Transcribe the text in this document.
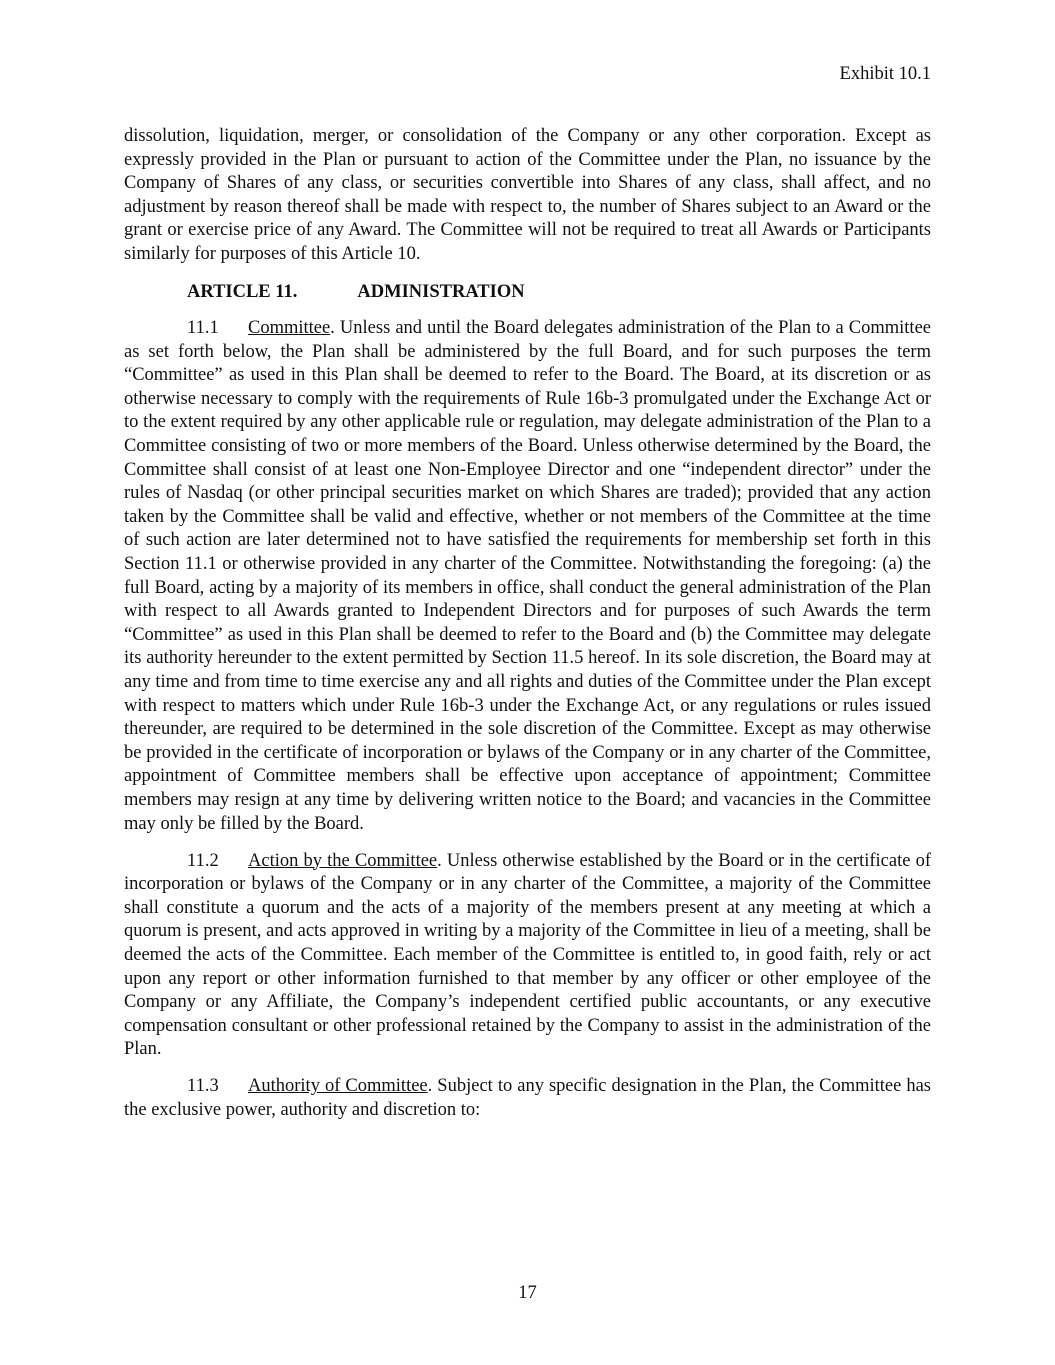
Exhibit 10.1

dissolution, liquidation, merger, or consolidation of the Company or any other corporation. Except as expressly provided in the Plan or pursuant to action of the Committee under the Plan, no issuance by the Company of Shares of any class, or securities convertible into Shares of any class, shall affect, and no adjustment by reason thereof shall be made with respect to, the number of Shares subject to an Award or the grant or exercise price of any Award. The Committee will not be required to treat all Awards or Participants similarly for purposes of this Article 10.

ARTICLE 11.	ADMINISTRATION

11.1 Committee. Unless and until the Board delegates administration of the Plan to a Committee as set forth below, the Plan shall be administered by the full Board, and for such purposes the term “Committee” as used in this Plan shall be deemed to refer to the Board. The Board, at its discretion or as otherwise necessary to comply with the requirements of Rule 16b-3 promulgated under the Exchange Act or to the extent required by any other applicable rule or regulation, may delegate administration of the Plan to a Committee consisting of two or more members of the Board. Unless otherwise determined by the Board, the Committee shall consist of at least one Non-Employee Director and one “independent director” under the rules of Nasdaq (or other principal securities market on which Shares are traded); provided that any action taken by the Committee shall be valid and effective, whether or not members of the Committee at the time of such action are later determined not to have satisfied the requirements for membership set forth in this Section 11.1 or otherwise provided in any charter of the Committee. Notwithstanding the foregoing: (a) the full Board, acting by a majority of its members in office, shall conduct the general administration of the Plan with respect to all Awards granted to Independent Directors and for purposes of such Awards the term “Committee” as used in this Plan shall be deemed to refer to the Board and (b) the Committee may delegate its authority hereunder to the extent permitted by Section 11.5 hereof. In its sole discretion, the Board may at any time and from time to time exercise any and all rights and duties of the Committee under the Plan except with respect to matters which under Rule 16b-3 under the Exchange Act, or any regulations or rules issued thereunder, are required to be determined in the sole discretion of the Committee. Except as may otherwise be provided in the certificate of incorporation or bylaws of the Company or in any charter of the Committee, appointment of Committee members shall be effective upon acceptance of appointment; Committee members may resign at any time by delivering written notice to the Board; and vacancies in the Committee may only be filled by the Board.

11.2 Action by the Committee. Unless otherwise established by the Board or in the certificate of incorporation or bylaws of the Company or in any charter of the Committee, a majority of the Committee shall constitute a quorum and the acts of a majority of the members present at any meeting at which a quorum is present, and acts approved in writing by a majority of the Committee in lieu of a meeting, shall be deemed the acts of the Committee. Each member of the Committee is entitled to, in good faith, rely or act upon any report or other information furnished to that member by any officer or other employee of the Company or any Affiliate, the Company’s independent certified public accountants, or any executive compensation consultant or other professional retained by the Company to assist in the administration of the Plan.

11.3 Authority of Committee. Subject to any specific designation in the Plan, the Committee has the exclusive power, authority and discretion to:

17
